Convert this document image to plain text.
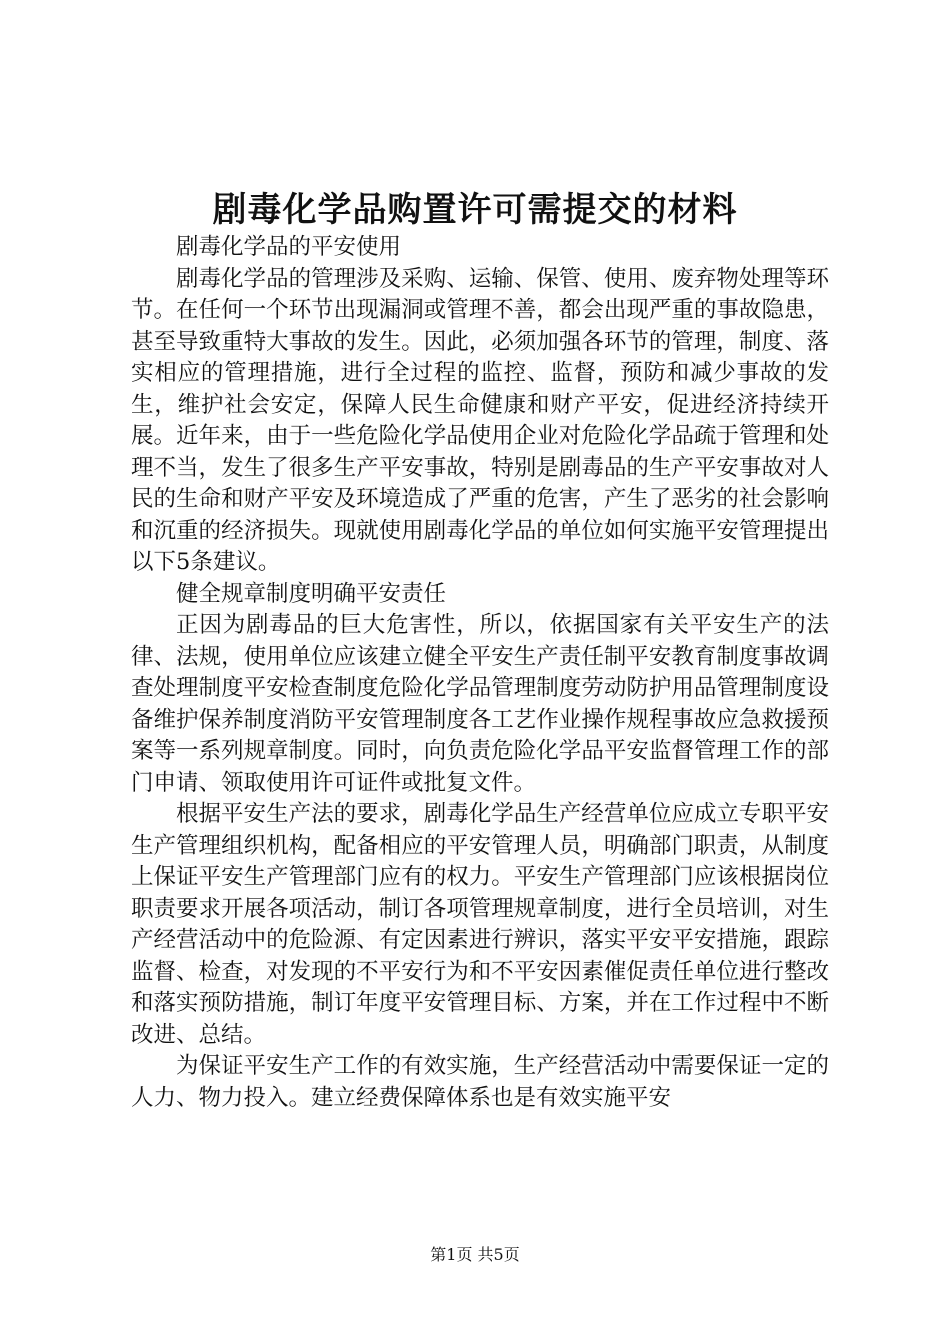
剧毒化学品购置许可需提交的材料

剧毒化学品的平安使用

剧毒化学品的管理涉及采购、运输、保管、使用、废弃物处理等环节。在任何一个环节出现漏洞或管理不善，都会出现严重的事故隐患，甚至导致重特大事故的发生。因此，必须加强各环节的管理，制度、落实相应的管理措施，进行全过程的监控、监督，预防和减少事故的发生，维护社会安定，保障人民生命健康和财产平安，促进经济持续开展。近年来，由于一些危险化学品使用企业对危险化学品疏于管理和处理不当，发生了很多生产平安事故，特别是剧毒品的生产平安事故对人民的生命和财产平安及环境造成了严重的危害，产生了恶劣的社会影响和沉重的经济损失。现就使用剧毒化学品的单位如何实施平安管理提出以下5条建议。

健全规章制度明确平安责任

正因为剧毒品的巨大危害性，所以，依据国家有关平安生产的法律、法规，使用单位应该建立健全平安生产责任制平安教育制度事故调查处理制度平安检查制度危险化学品管理制度劳动防护用品管理制度设备维护保养制度消防平安管理制度各工艺作业操作规程事故应急救援预案等一系列规章制度。同时，向负责危险化学品平安监督管理工作的部门申请、领取使用许可证件或批复文件。

根据平安生产法的要求，剧毒化学品生产经营单位应成立专职平安生产管理组织机构，配备相应的平安管理人员，明确部门职责，从制度上保证平安生产管理部门应有的权力。平安生产管理部门应该根据岗位职责要求开展各项活动，制订各项管理规章制度，进行全员培训，对生产经营活动中的危险源、有定因素进行辨识，落实平安平安措施，跟踪监督、检查，对发现的不平安行为和不平安因素催促责任单位进行整改和落实预防措施，制订年度平安管理目标、方案，并在工作过程中不断改进、总结。

为保证平安生产工作的有效实施，生产经营活动中需要保证一定的人力、物力投入。建立经费保障体系也是有效实施平安

第1页 共5页
